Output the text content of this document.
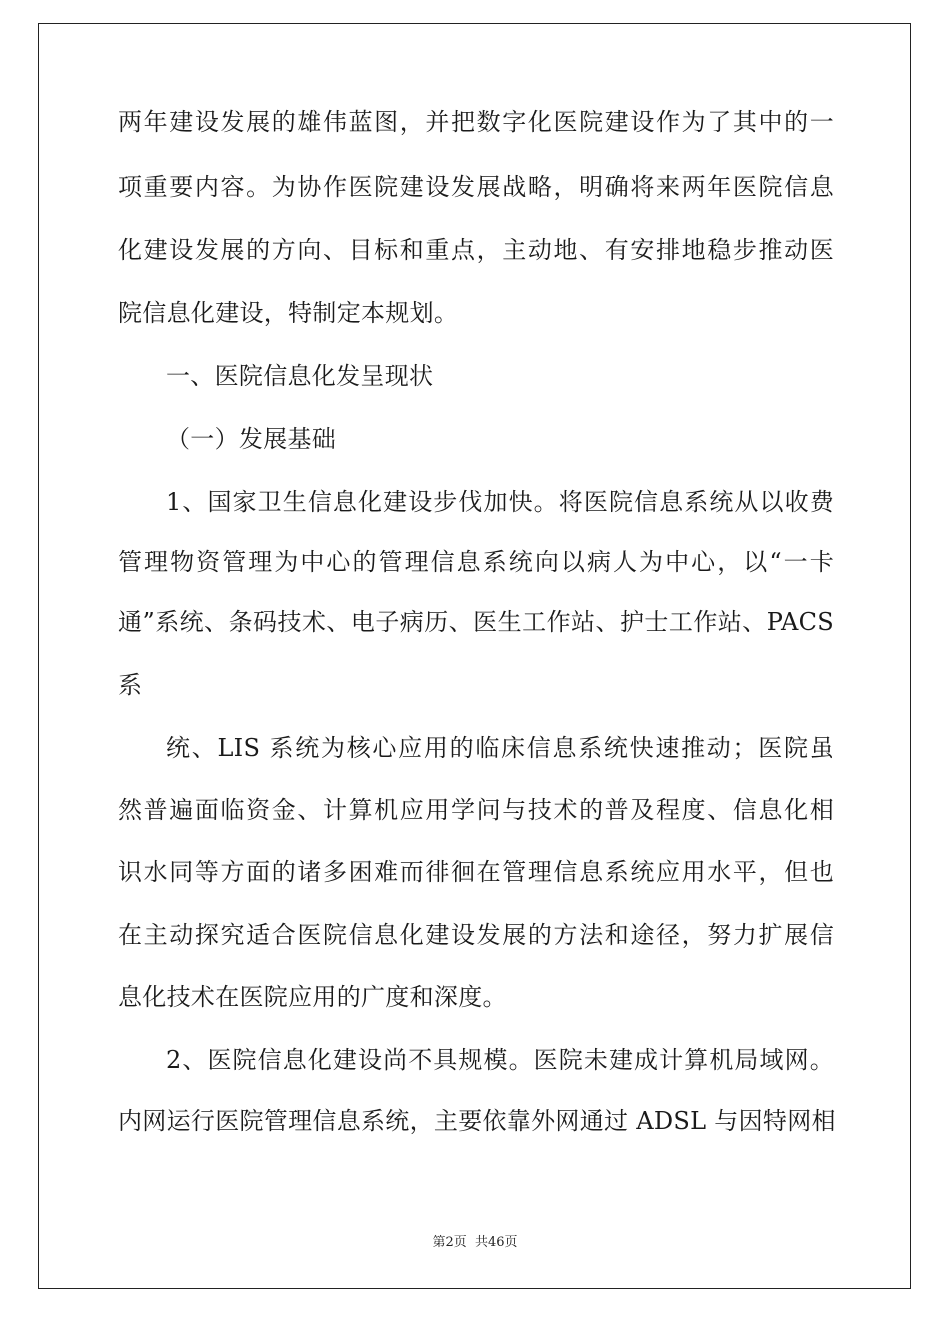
两年建设发展的雄伟蓝图，并把数字化医院建设作为了其中的一
项重要内容。为协作医院建设发展战略，明确将来两年医院信息
化建设发展的方向、目标和重点，主动地、有安排地稳步推动医
院信息化建设，特制定本规划。
一、医院信息化发呈现状
（一）发展基础
1、国家卫生信息化建设步伐加快。将医院信息系统从以收费
管理物资管理为中心的管理信息系统向以病人为中心，以“一卡
通”系统、条码技术、电子病历、医生工作站、护士工作站、PACS
系
统、LIS 系统为核心应用的临床信息系统快速推动；医院虽
然普遍面临资金、计算机应用学问与技术的普及程度、信息化相
识水同等方面的诸多困难而徘徊在管理信息系统应用水平，但也
在主动探究适合医院信息化建设发展的方法和途径，努力扩展信
息化技术在医院应用的广度和深度。
2、医院信息化建设尚不具规模。医院未建成计算机局域网。
内网运行医院管理信息系统，主要依靠外网通过 ADSL 与因特网相
第2页 共46页
